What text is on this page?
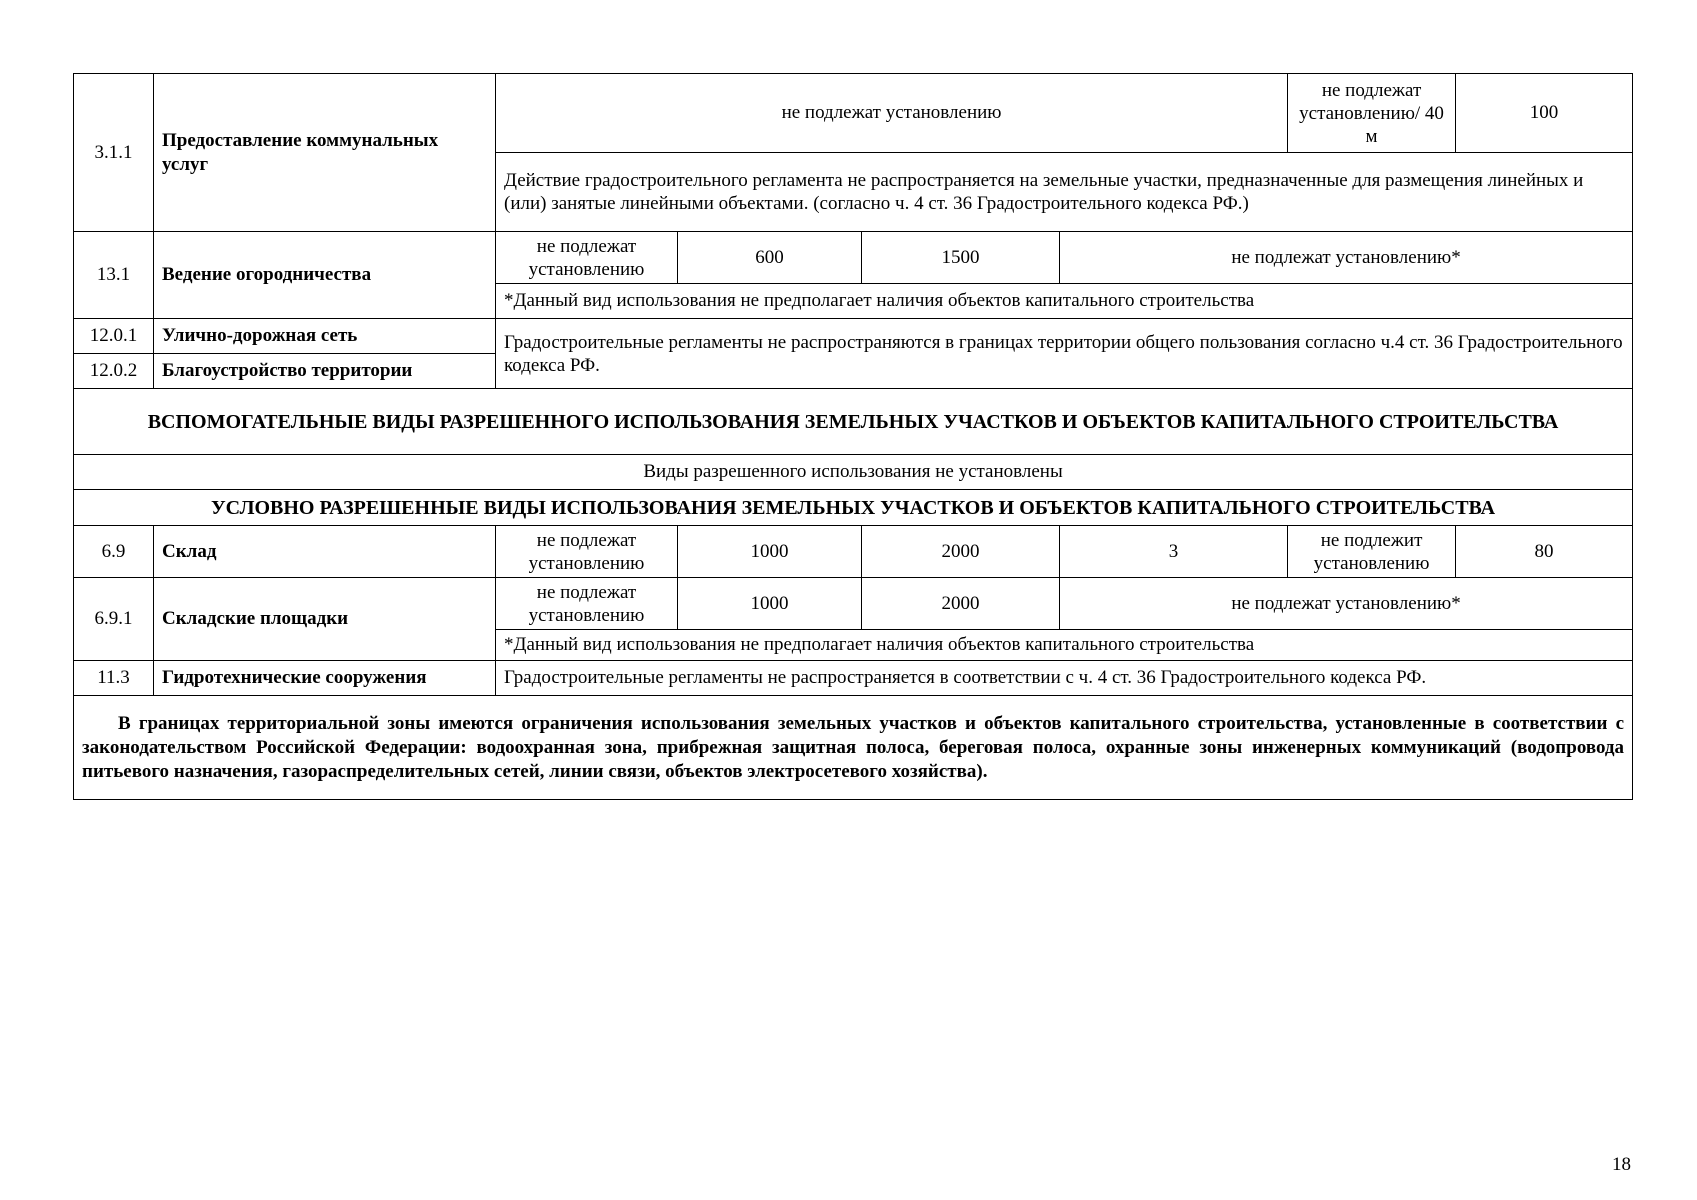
3.1.1	Предоставление коммунальных услуг	не подлежат установлению				не подлежат установлению/ 40 м	100
		Действие градостроительного регламента не распространяется на земельные участки, предназначенные для размещения линейных и (или) занятые линейными объектами. (согласно ч. 4 ст. 36 Градостроительного кодекса РФ.)					
13.1	Ведение огородничества	не подлежат установлению	600	1500	не подлежат установлению*		
		*Данный вид использования не предполагает наличия объектов капитального строительства					
12.0.1	Улично-дорожная сеть	Градостроительные регламенты не распространяются в границах территории общего пользования согласно ч.4 ст. 36 Градостроительного кодекса РФ.					
12.0.2	Благоустройство территории						
ВСПОМОГАТЕЛЬНЫЕ ВИДЫ РАЗРЕШЕННОГО ИСПОЛЬЗОВАНИЯ ЗЕМЕЛЬНЫХ УЧАСТКОВ И ОБЪЕКТОВ КАПИТАЛЬНОГО СТРОИТЕЛЬСТВА							
Виды разрешенного использования не установлены							
УСЛОВНО РАЗРЕШЕННЫЕ ВИДЫ ИСПОЛЬЗОВАНИЯ ЗЕМЕЛЬНЫХ УЧАСТКОВ И ОБЪЕКТОВ КАПИТАЛЬНОГО СТРОИТЕЛЬСТВА							
6.9	Склад	не подлежат установлению	1000	2000	3	не подлежит установлению	80
6.9.1	Складские площадки	не подлежат установлению	1000	2000	не подлежат установлению*		
		*Данный вид использования не предполагает наличия объектов капитального строительства					
11.3	Гидротехнические сооружения	Градостроительные регламенты не распространяется в соответствии с ч. 4 ст. 36 Градостроительного кодекса РФ.					
В границах территориальной зоны имеются ограничения использования земельных участков и объектов капитального строительства, установленные в соответствии с законодательством Российской Федерации: водоохранная зона, прибрежная защитная полоса, береговая полоса, охранные зоны инженерных коммуникаций (водопровода питьевого назначения, газораспределительных сетей, линии связи, объектов электросетевого хозяйства).							
18
